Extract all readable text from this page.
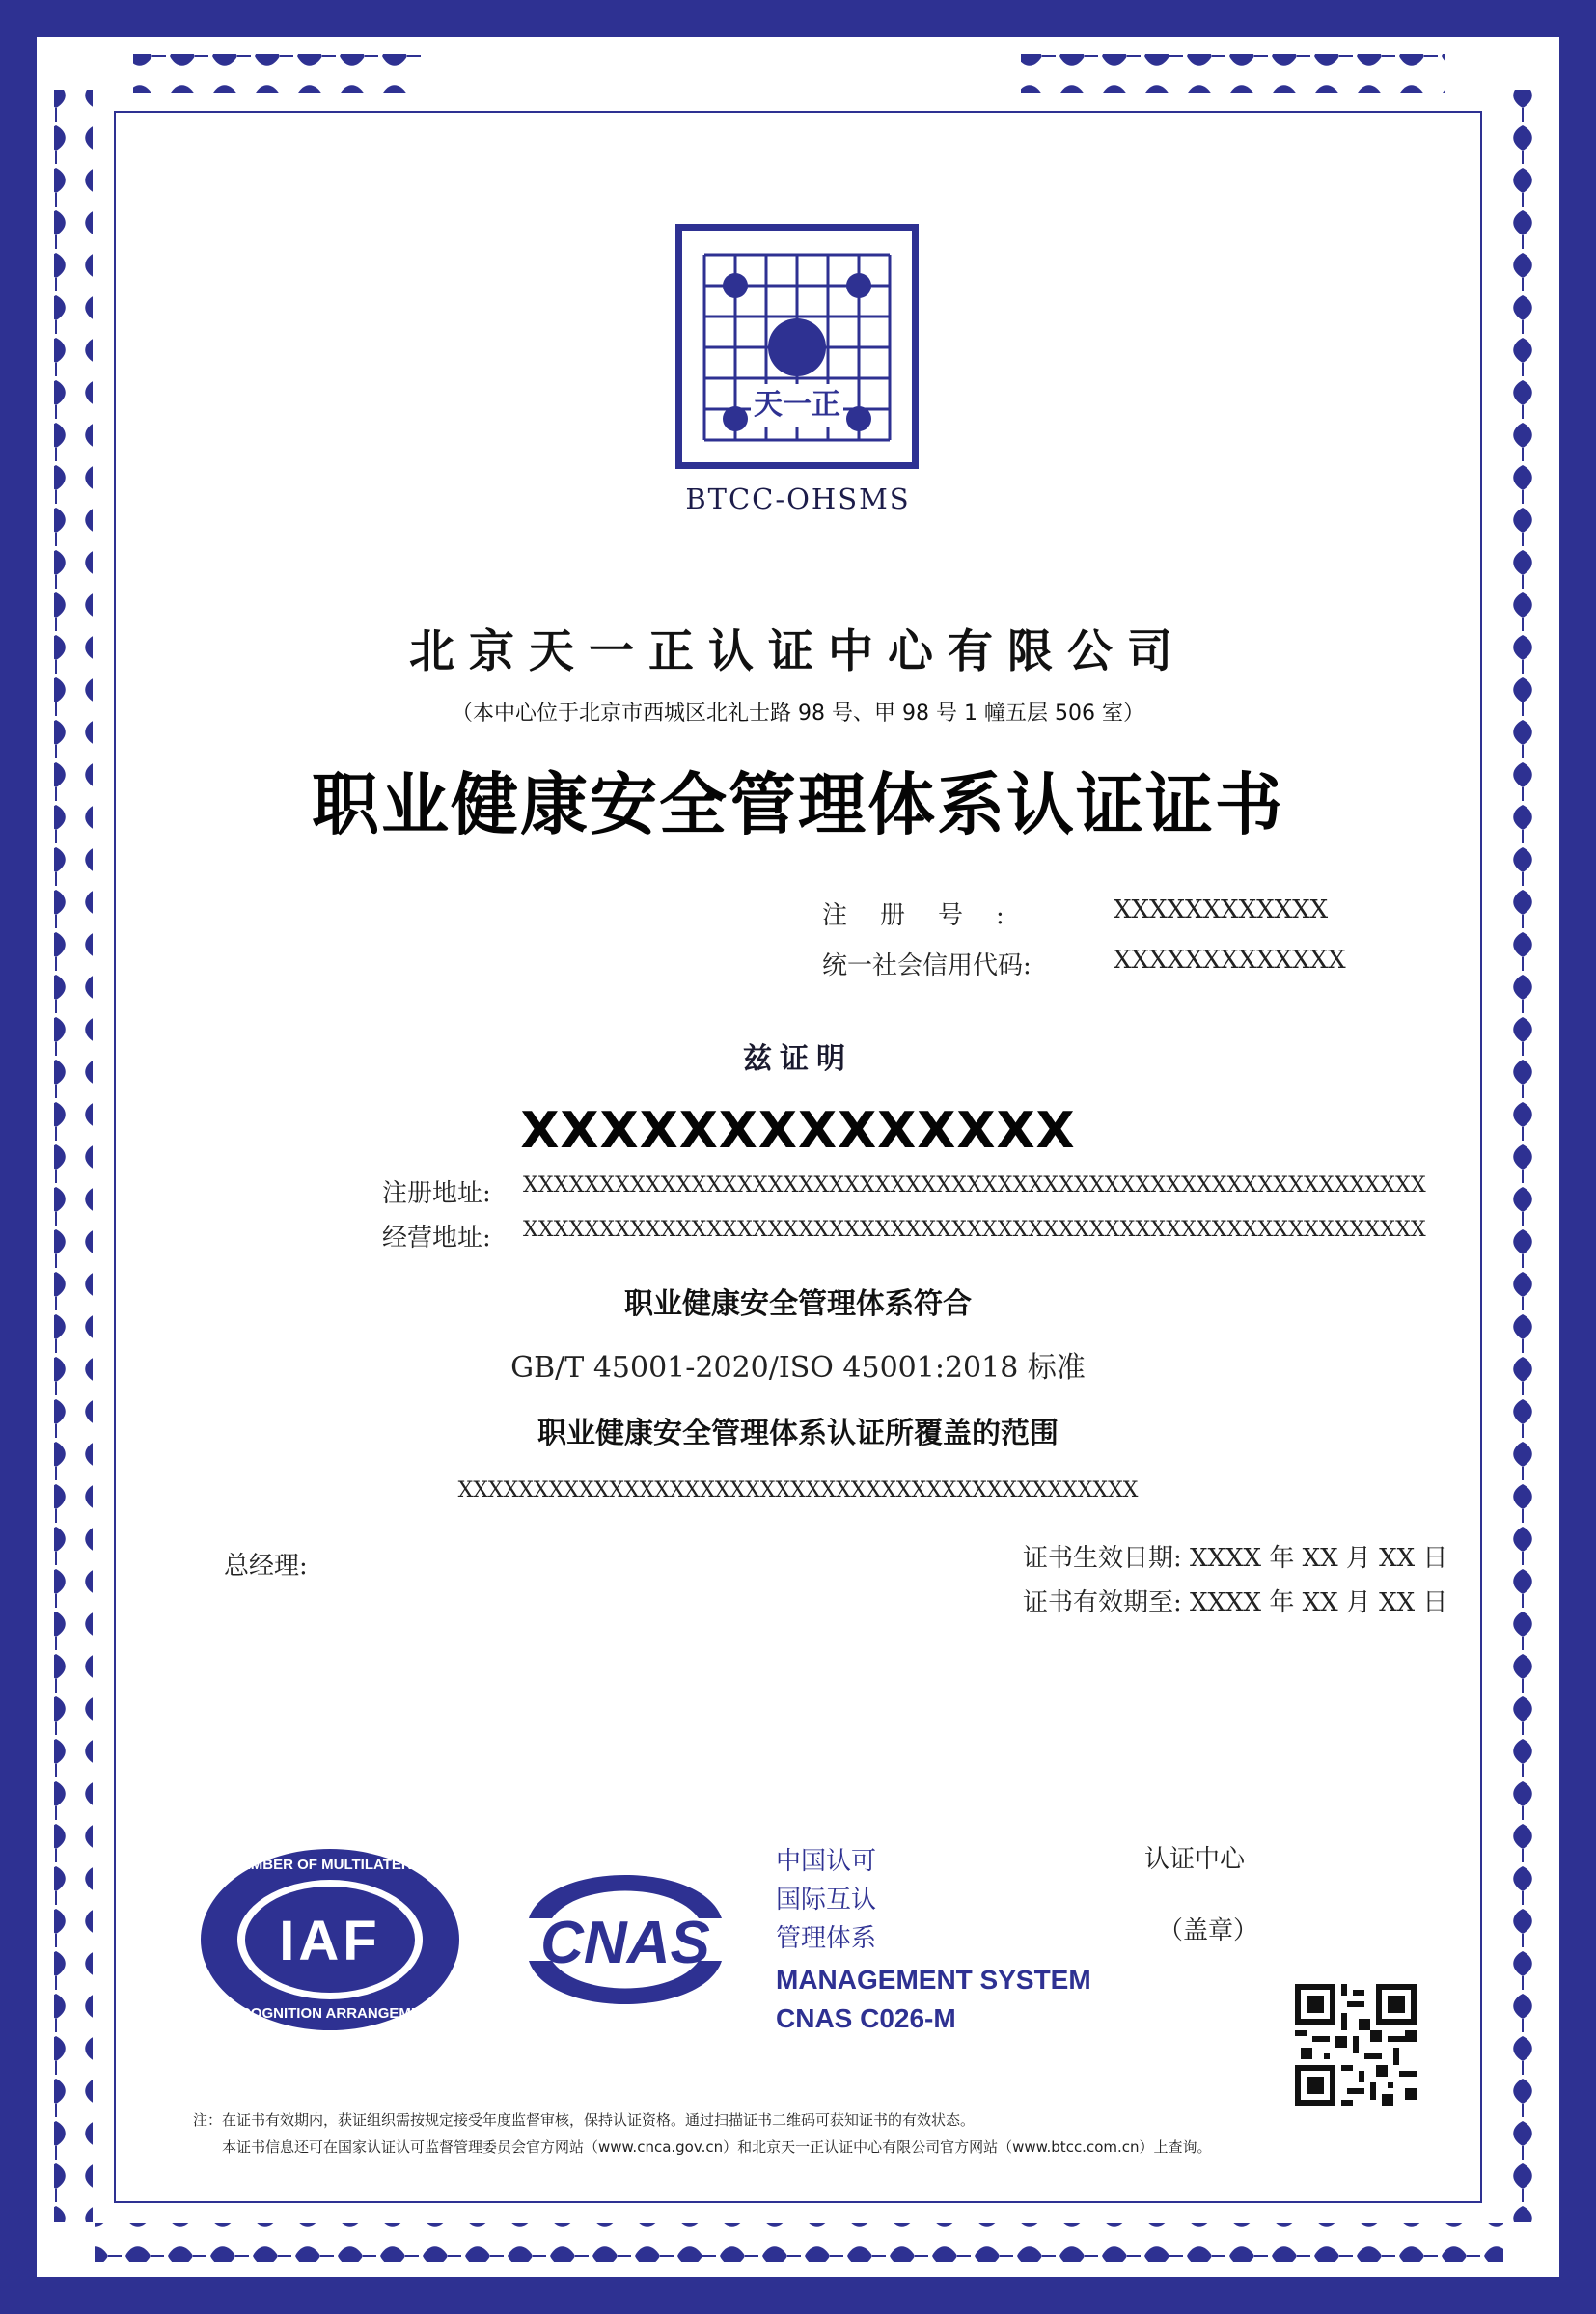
天一正
BTCC-OHSMS
北京天一正认证中心有限公司
（本中心位于北京市西城区北礼士路 98 号、甲 98 号 1 幢五层 506 室）
职业健康安全管理体系认证证书
注册号:	XXXXXXXXXXXX
统一社会信用代码:	XXXXXXXXXXXXX
兹证明
XXXXXXXXXXXXXX
注册地址: XXXXXXXXXXXXXXXXXXXXXXXXXXXXXXXXXXXXXXXXXXXXXXXXXXXXXXXXXXX
经营地址: XXXXXXXXXXXXXXXXXXXXXXXXXXXXXXXXXXXXXXXXXXXXXXXXXXXXXXXXXXX
职业健康安全管理体系符合
GB/T 45001-2020/ISO 45001:2018 标准
职业健康安全管理体系认证所覆盖的范围
XXXXXXXXXXXXXXXXXXXXXXXXXXXXXXXXXXXXXXXXXXXXX
总经理:	证书生效日期: XXXX 年 XX 月 XX 日
证书有效期至: XXXX 年 XX 月 XX 日
IAF
MEMBER OF MULTILATERAL
RECOGNITION ARRANGEMENT
CNAS
中国认可
国际互认
管理体系
MANAGEMENT SYSTEM
CNAS C026-M
认证中心
（盖章）
注：在证书有效期内，获证组织需按规定接受年度监督审核，保持认证资格。通过扫描证书二维码可获知证书的有效状态。
本证书信息还可在国家认证认可监督管理委员会官方网站（www.cnca.gov.cn）和北京天一正认证中心有限公司官方网站（www.btcc.com.cn）上查询。
